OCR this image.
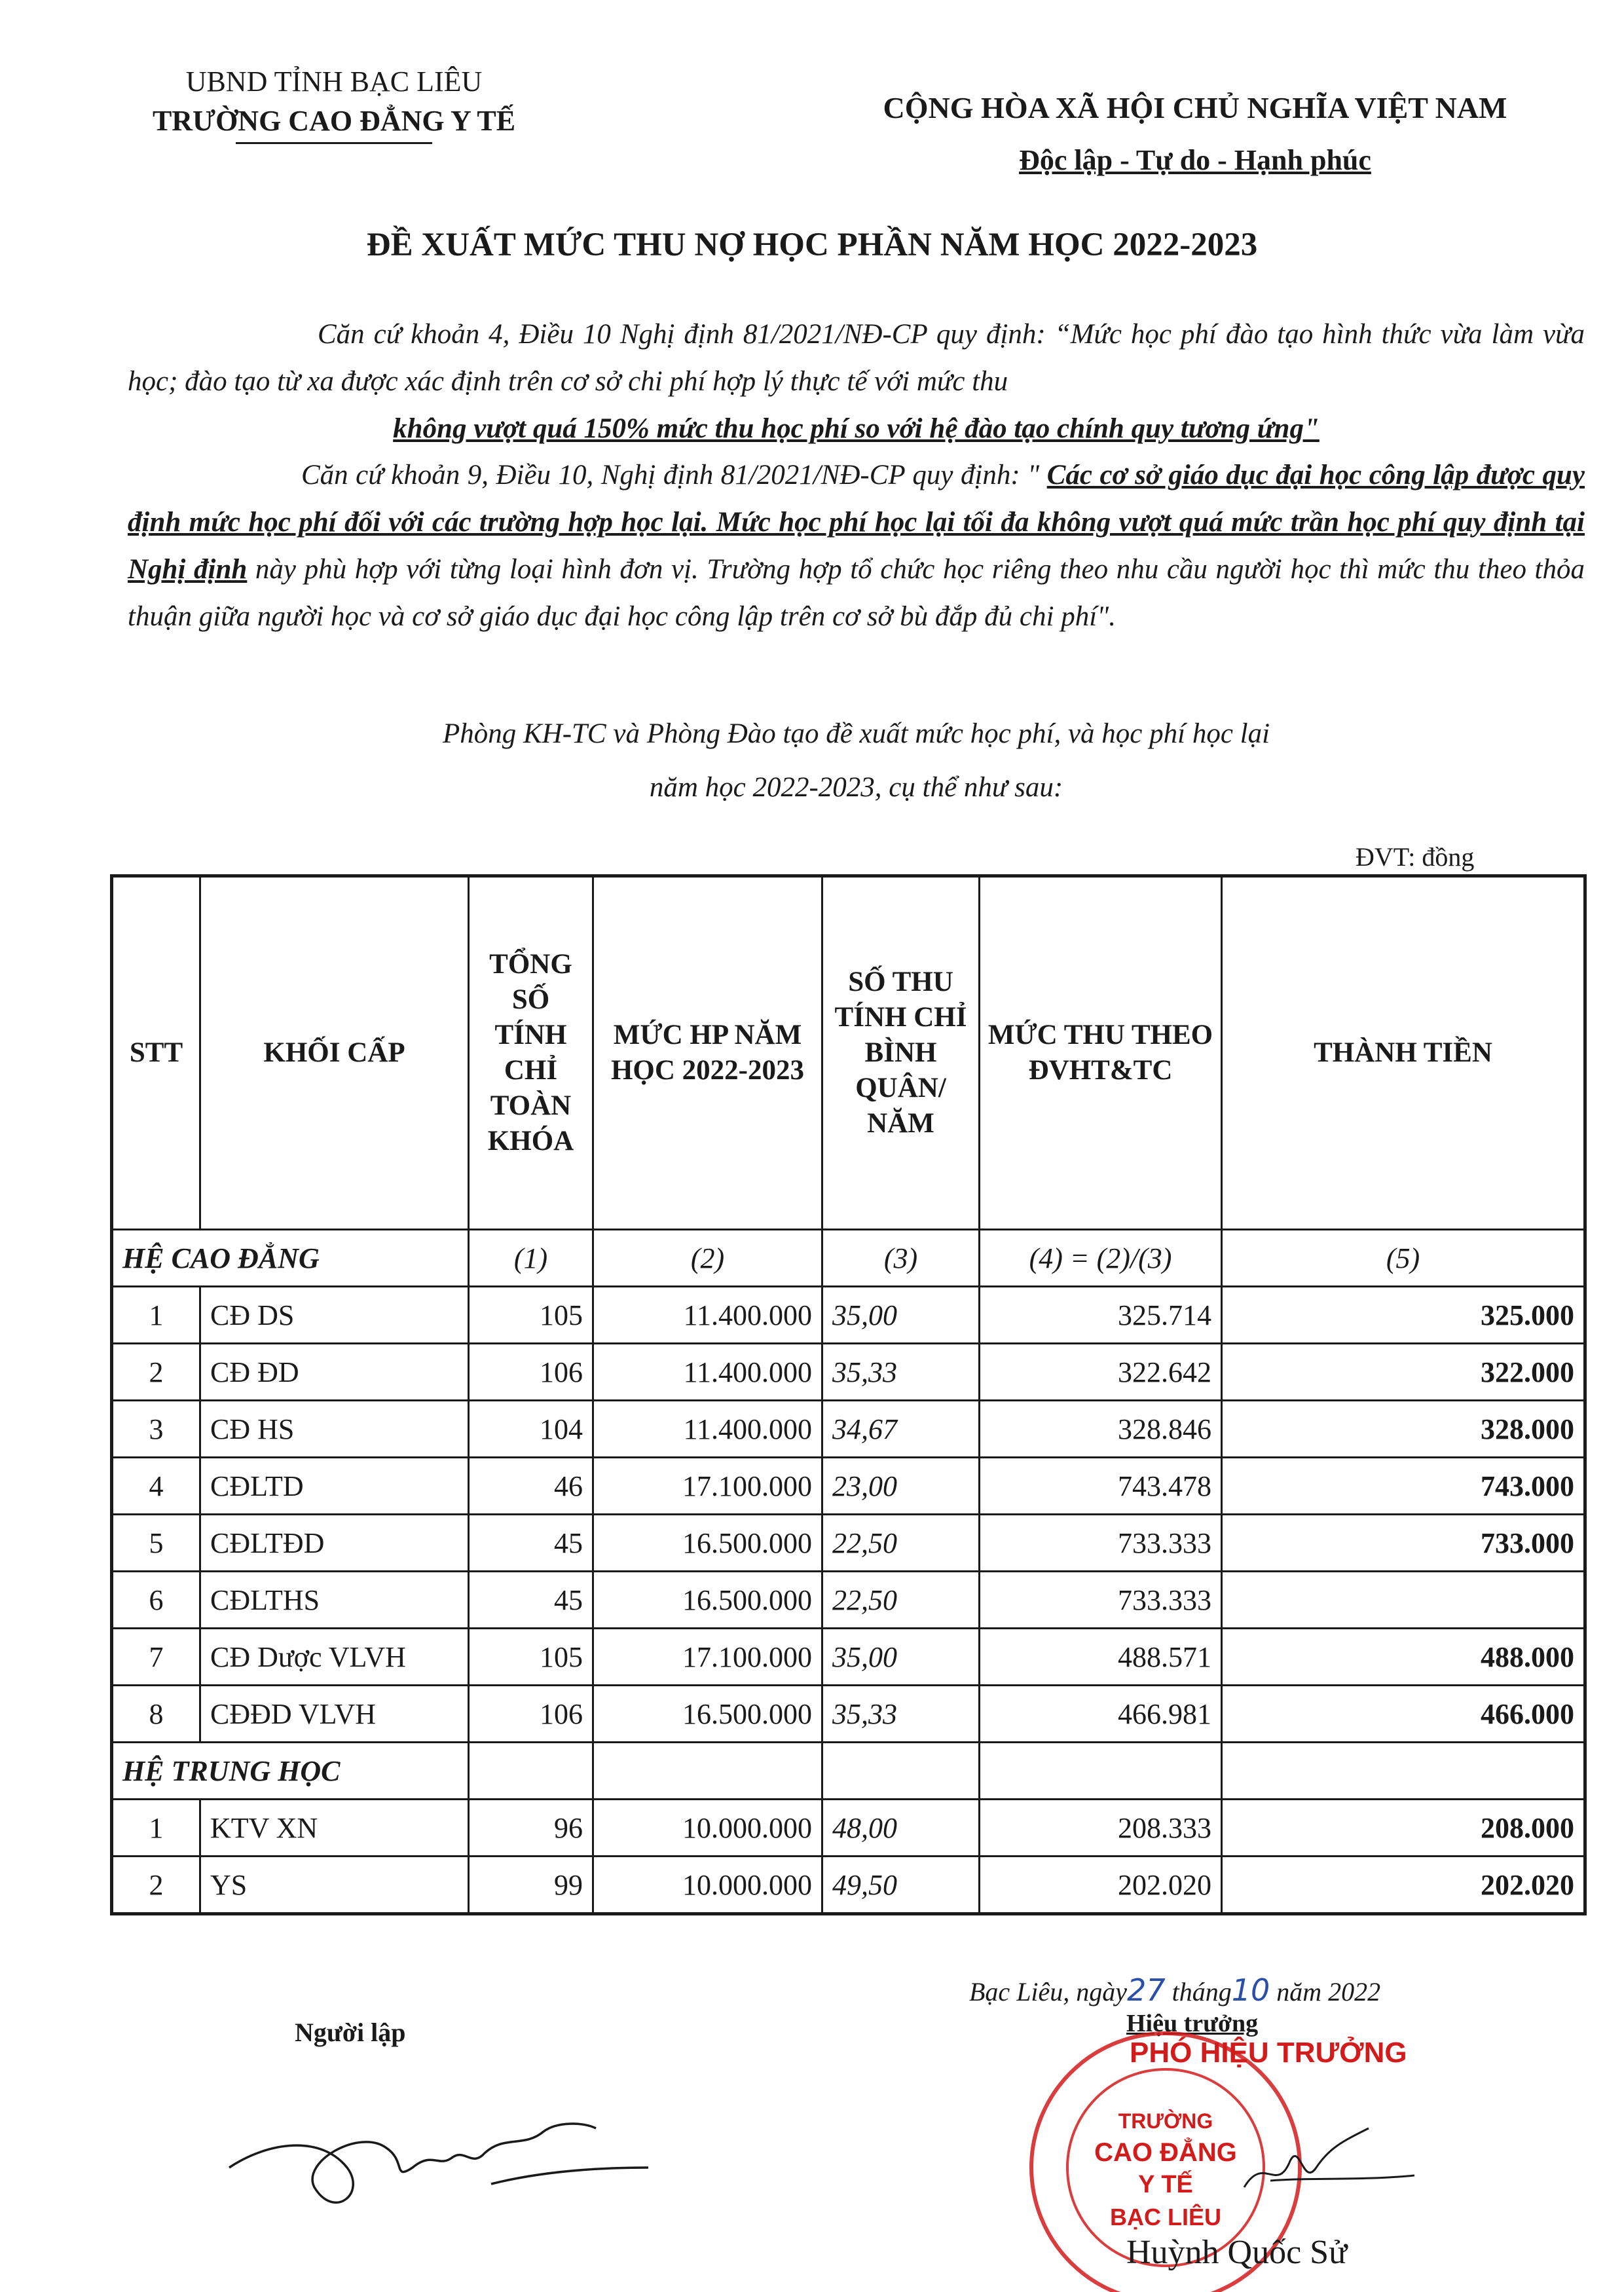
UBND TỈNH BẠC LIÊU
TRƯỜNG CAO ĐẲNG Y TẾ	CỘNG HÒA XÃ HỘI CHỦ NGHĨA VIỆT NAM
Độc lập - Tự do - Hạnh phúc
ĐỀ XUẤT MỨC THU NỢ HỌC PHẦN NĂM HỌC 2022-2023
Căn cứ khoản 4, Điều 10 Nghị định 81/2021/NĐ-CP quy định: “Mức học phí đào tạo hình thức vừa làm vừa học; đào tạo từ xa được xác định trên cơ sở chi phí hợp lý thực tế với mức thu
không vượt quá 150% mức thu học phí so với hệ đào tạo chính quy tương ứng"
Căn cứ khoản 9, Điều 10, Nghị định 81/2021/NĐ-CP quy định: " Các cơ sở giáo dục đại học công lập được quy định mức học phí đối với các trường hợp học lại. Mức học phí học lại tối đa không vượt quá mức trần học phí quy định tại Nghị định này phù hợp với từng loại hình đơn vị. Trường hợp tổ chức học riêng theo nhu cầu người học thì mức thu theo thỏa thuận giữa người học và cơ sở giáo dục đại học công lập trên cơ sở bù đắp đủ chi phí".
Phòng KH-TC và Phòng Đào tạo đề xuất mức học phí, và học phí học lại
năm học 2022-2023, cụ thể như sau:
ĐVT: đồng
STT	KHỐI CẤP	TỔNG SỐ TÍNH CHỈ TOÀN KHÓA	MỨC HP NĂM HỌC 2022-2023	SỐ THU TÍNH CHỈ BÌNH QUÂN/ NĂM	MỨC THU THEO ĐVHT&TC	THÀNH TIỀN
HỆ CAO ĐẲNG		(1)	(2)	(3)	(4) = (2)/(3)	(5)
1	CĐ DS	105	11.400.000	35,00	325.714	325.000
2	CĐ ĐD	106	11.400.000	35,33	322.642	322.000
3	CĐ HS	104	11.400.000	34,67	328.846	328.000
4	CĐLTD	46	17.100.000	23,00	743.478	743.000
5	CĐLTĐD	45	16.500.000	22,50	733.333	733.000
6	CĐLTHS	45	16.500.000	22,50	733.333	
7	CĐ Dược VLVH	105	17.100.000	35,00	488.571	488.000
8	CĐĐD VLVH	106	16.500.000	35,33	466.981	466.000
HỆ TRUNG HỌC						
1	KTV XN	96	10.000.000	48,00	208.333	208.000
2	YS	99	10.000.000	49,50	202.020	202.020
Bạc Liêu, ngày27 tháng10 năm 2022
Người lập	Hiệu trưởng
TRƯỜNG
CAO ĐẲNG
Y TẾ
BẠC LIÊU
PHÓ HIỆU TRƯỞNG
Huỳnh Quốc Sử
